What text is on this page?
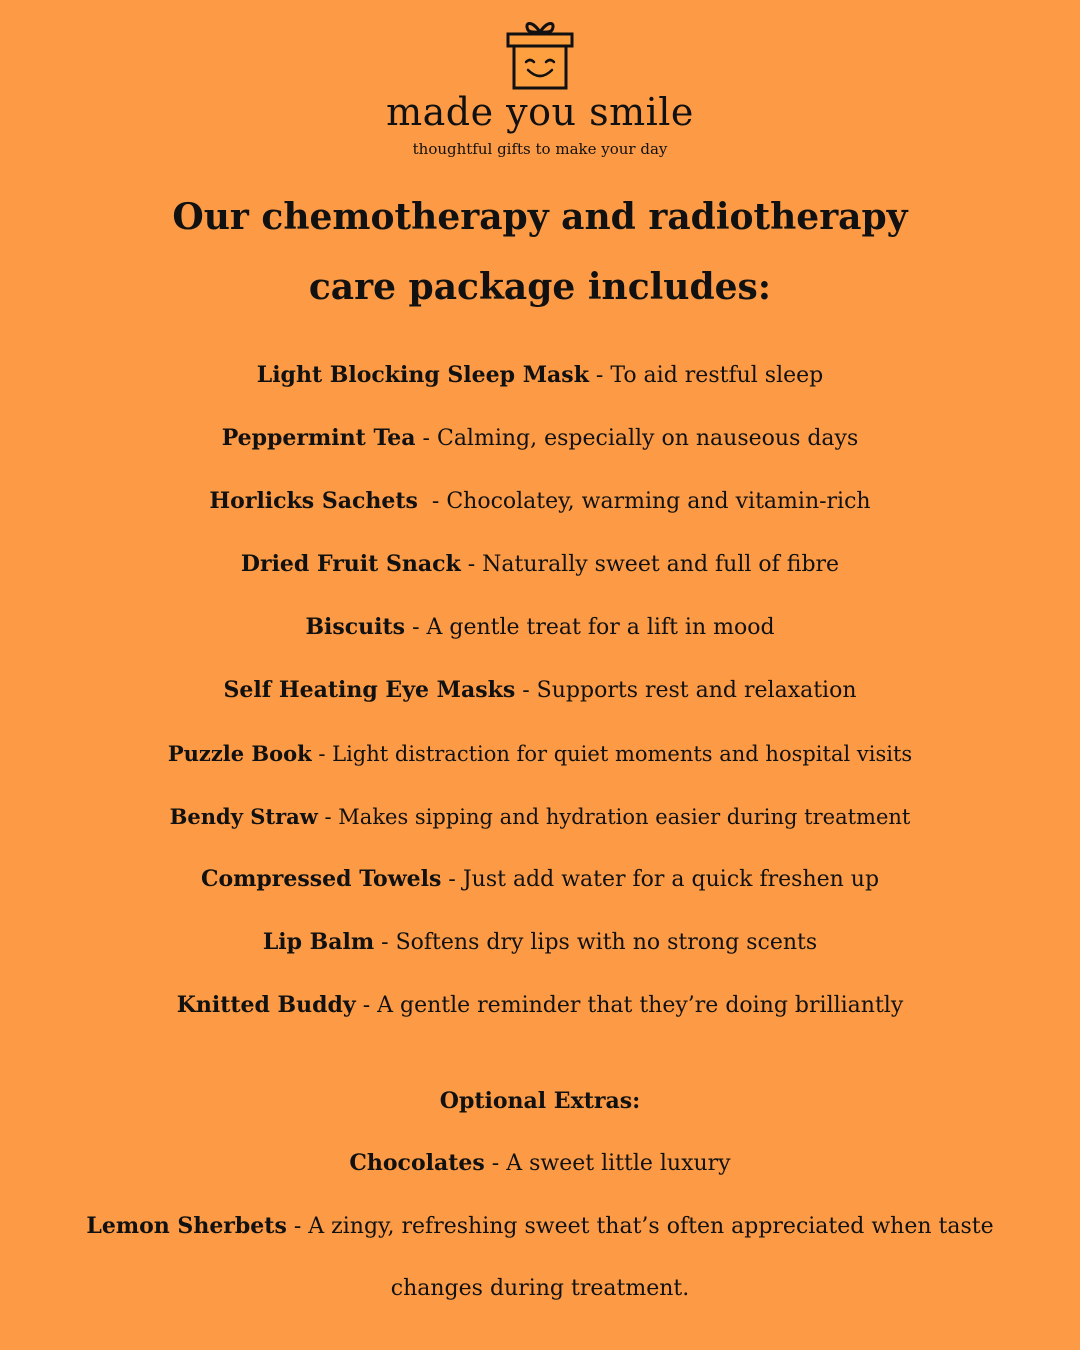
made you smile
thoughtful gifts to make your day
Our chemotherapy and radiotherapy
care package includes:
Light Blocking Sleep Mask - To aid restful sleep
Peppermint Tea - Calming, especially on nauseous days
Horlicks Sachets  - Chocolatey, warming and vitamin-rich
Dried Fruit Snack - Naturally sweet and full of fibre
Biscuits - A gentle treat for a lift in mood
Self Heating Eye Masks - Supports rest and relaxation
Puzzle Book - Light distraction for quiet moments and hospital visits
Bendy Straw - Makes sipping and hydration easier during treatment
Compressed Towels - Just add water for a quick freshen up
Lip Balm - Softens dry lips with no strong scents
Knitted Buddy - A gentle reminder that they’re doing brilliantly
Optional Extras:
Chocolates - A sweet little luxury
Lemon Sherbets - A zingy, refreshing sweet that’s often appreciated when taste changes during treatment.
